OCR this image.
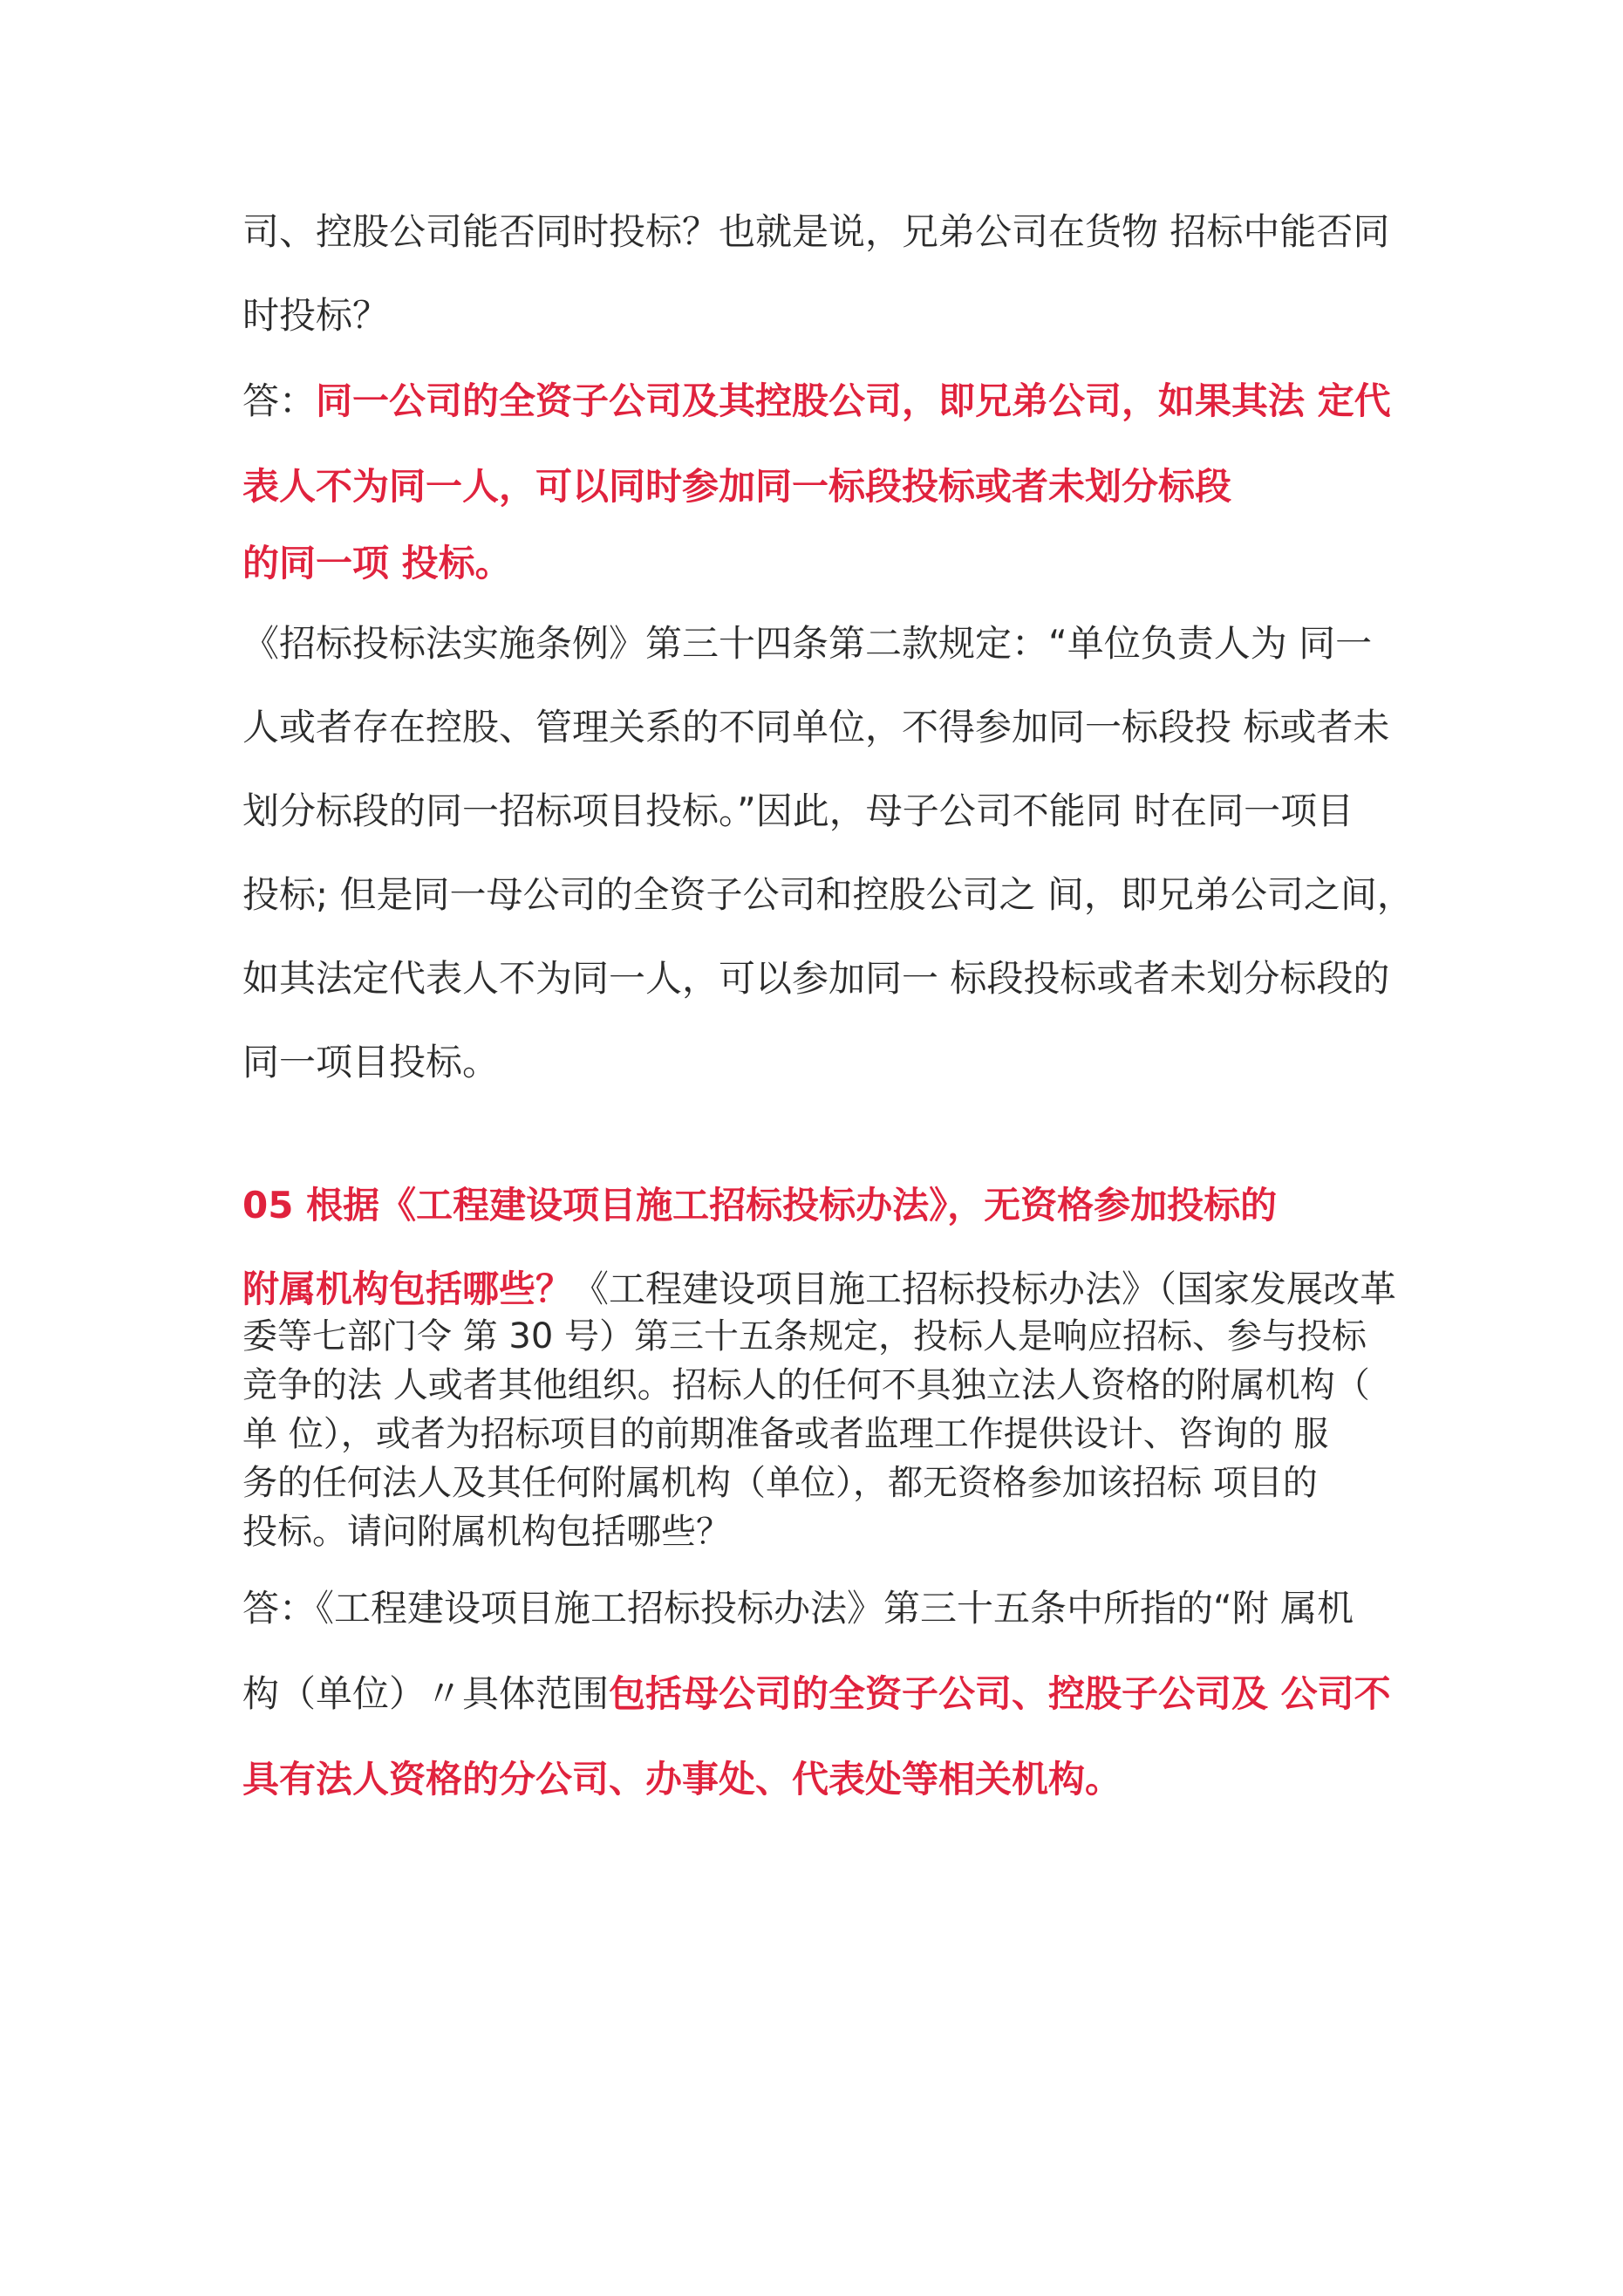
司、控股公司能否同时投标？也就是说，兄弟公司在货物 招标中能否同
时投标？
答：同一公司的全资子公司及其控股公司，即兄弟公司，如果其法 定代
表人不为同一人，可以同时参加同一标段投标或者未划分标段
的同一项 投标。
《招标投标法实施条例》第三十四条第二款规定：“单位负责人为 同一
人或者存在控股、管理关系的不同单位，不得参加同一标段投 标或者未
划分标段的同一招标项目投标。”因此，母子公司不能同 时在同一项目
投标; 但是同一母公司的全资子公司和控股公司之 间，即兄弟公司之间，
如其法定代表人不为同一人，可以参加同一 标段投标或者未划分标段的
同一项目投标。
05 根据《工程建设项目施工招标投标办法》，无资格参加投标的
附属机构包括哪些？《工程建设项目施工招标投标办法》（国家发展改革
委等七部门令 第 30 号）第三十五条规定，投标人是响应招标、参与投标
竞争的法 人或者其他组织。招标人的任何不具独立法人资格的附属机构（
单 位），或者为招标项目的前期准备或者监理工作提供设计、咨询的 服
务的任何法人及其任何附属机构（单位），都无资格参加该招标 项目的
投标。请问附属机构包括哪些？
答：《工程建设项目施工招标投标办法》第三十五条中所指的“附 属机
构（单位）〃具体范围包括母公司的全资子公司、控股子公司及 公司不
具有法人资格的分公司、办事处、代表处等相关机构。
